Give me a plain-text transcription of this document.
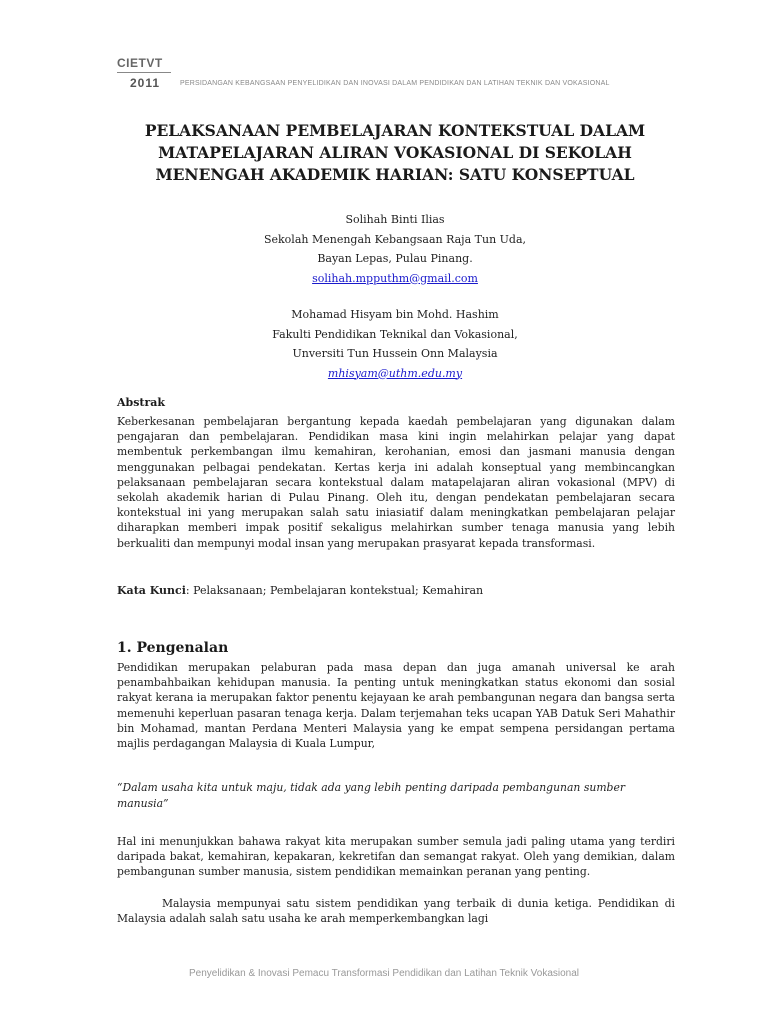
CIETVT
2011	PERSIDANGAN KEBANGSAAN PENYELIDIKAN DAN INOVASI DALAM PENDIDIKAN DAN LATIHAN TEKNIK DAN VOKASIONAL
PELAKSANAAN PEMBELAJARAN KONTEKSTUAL DALAM
MATAPELAJARAN ALIRAN VOKASIONAL DI SEKOLAH
MENENGAH AKADEMIK HARIAN: SATU KONSEPTUAL
Solihah Binti Ilias
Sekolah Menengah Kebangsaan Raja Tun Uda,
Bayan Lepas, Pulau Pinang.
solihah.mpputhm@gmail.com
Mohamad Hisyam bin Mohd. Hashim
Fakulti Pendidikan Teknikal dan Vokasional,
Unversiti Tun Hussein Onn Malaysia
mhisyam@uthm.edu.my
Abstrak
Keberkesanan pembelajaran bergantung kepada kaedah pembelajaran yang digunakan dalam pengajaran dan pembelajaran. Pendidikan masa kini ingin melahirkan pelajar yang dapat membentuk perkembangan ilmu kemahiran, kerohanian, emosi dan jasmani manusia dengan menggunakan pelbagai pendekatan. Kertas kerja ini adalah konseptual yang membincangkan pelaksanaan pembelajaran secara kontekstual dalam matapelajaran aliran vokasional (MPV) di sekolah akademik harian di Pulau Pinang. Oleh itu, dengan pendekatan pembelajaran secara kontekstual ini yang merupakan salah satu iniasiatif dalam meningkatkan pembelajaran pelajar diharapkan memberi impak positif sekaligus melahirkan sumber tenaga manusia yang lebih berkualiti dan mempunyi modal insan yang merupakan prasyarat kepada transformasi.
Kata Kunci: Pelaksanaan; Pembelajaran kontekstual; Kemahiran
1. Pengenalan
Pendidikan merupakan pelaburan pada masa depan dan juga amanah universal ke arah penambahbaikan kehidupan manusia. Ia penting untuk meningkatkan status ekonomi dan sosial rakyat kerana ia merupakan faktor penentu kejayaan ke arah pembangunan negara dan bangsa serta memenuhi keperluan pasaran tenaga kerja. Dalam terjemahan teks ucapan YAB Datuk Seri Mahathir bin Mohamad, mantan Perdana Menteri Malaysia yang ke empat sempena persidangan pertama majlis perdagangan Malaysia di Kuala Lumpur,
“Dalam usaha kita untuk maju, tidak ada yang lebih penting daripada pembangunan sumber manusia”
Hal ini menunjukkan bahawa rakyat kita merupakan sumber semula jadi paling utama yang terdiri daripada bakat, kemahiran, kepakaran, kekretifan dan semangat rakyat. Oleh yang demikian, dalam pembangunan sumber manusia, sistem pendidikan memainkan peranan yang penting.
Malaysia mempunyai satu sistem pendidikan yang terbaik di dunia ketiga. Pendidikan di Malaysia adalah salah satu usaha ke arah memperkembangkan lagi
Penyelidikan & Inovasi Pemacu Transformasi Pendidikan dan Latihan Teknik Vokasional
